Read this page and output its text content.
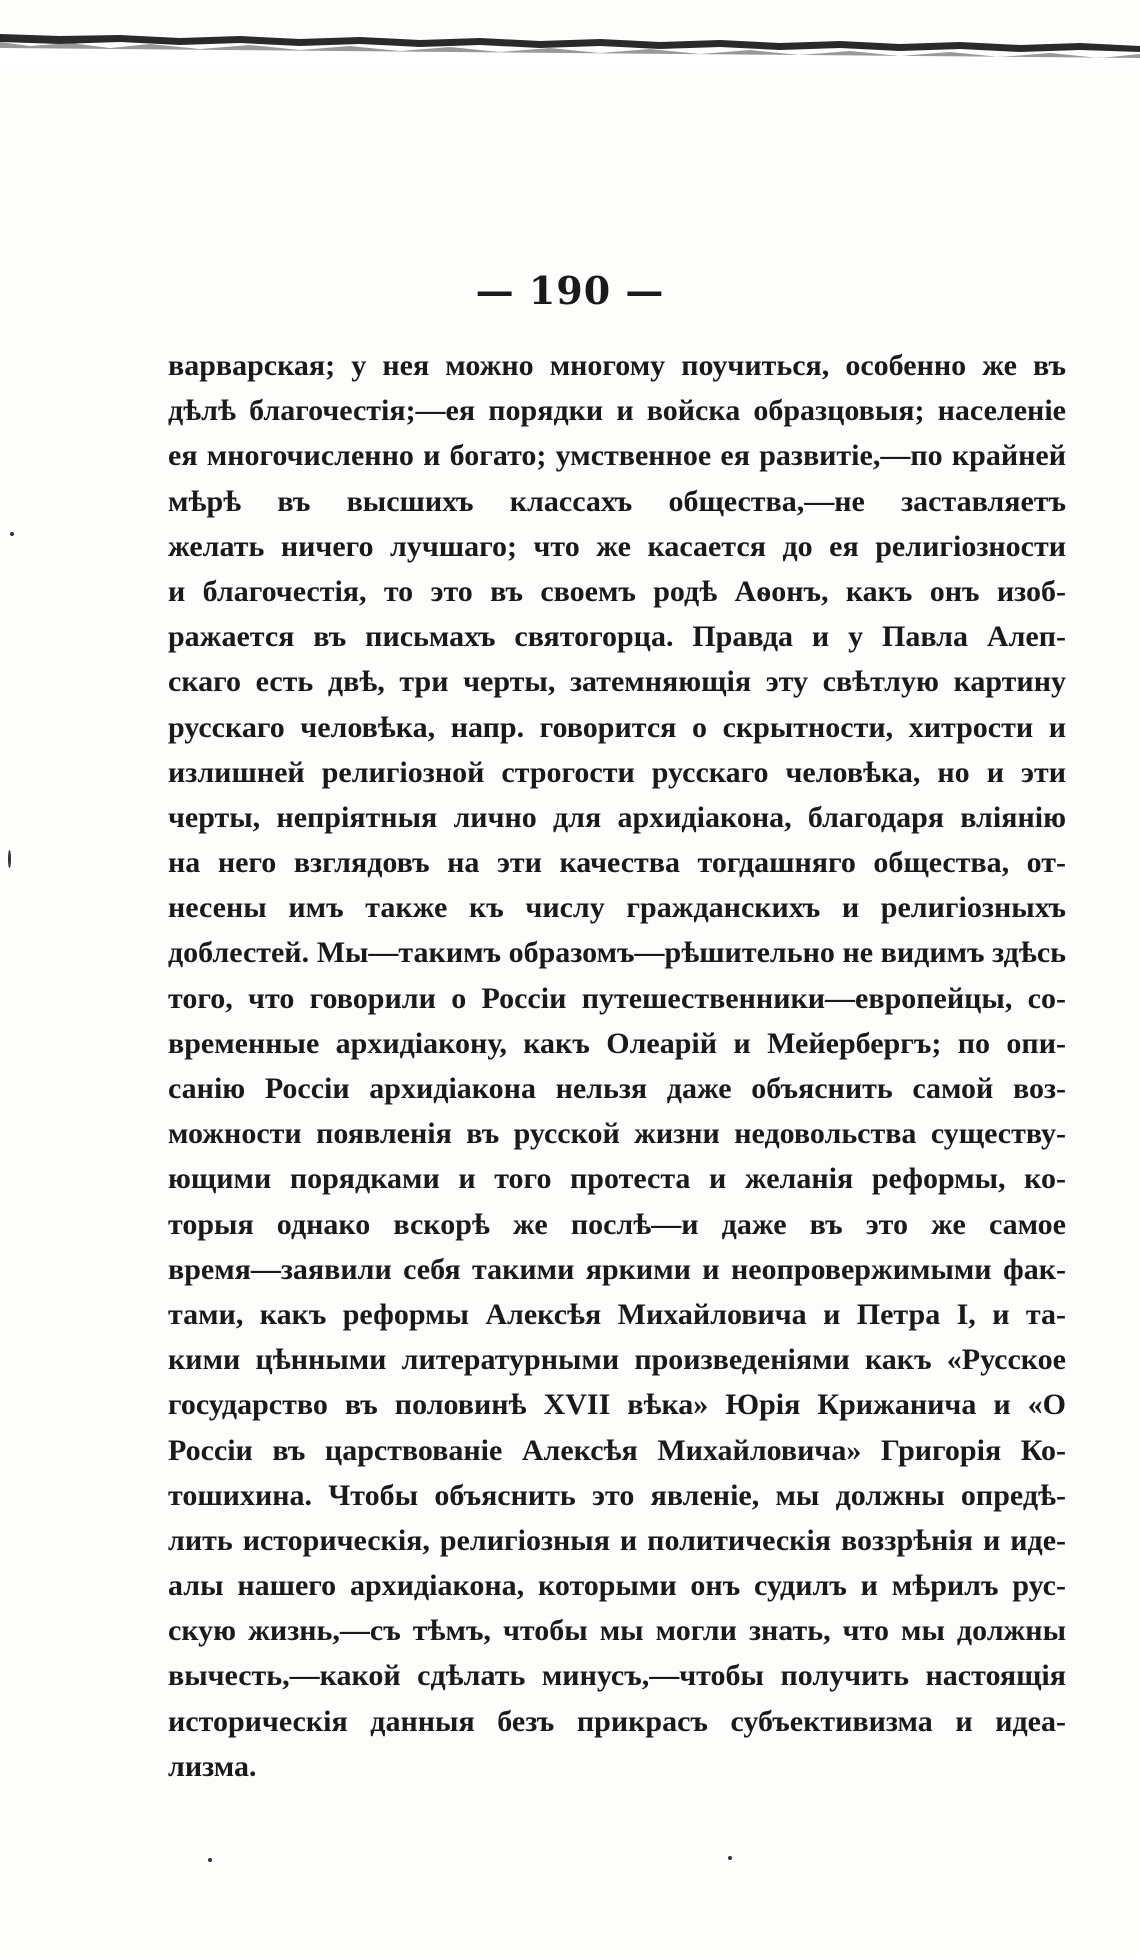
— 190 —
варварская; у нея можно многому поучиться, особенно же въ
дѣлѣ благочестія;—ея порядки и войска образцовыя; населеніе
ея многочисленно и богато; умственное ея развитіе,—по крайней
мѣрѣ въ высшихъ классахъ общества,—не заставляетъ
желать ничего лучшаго; что же касается до ея религіозности
и благочестія, то это въ своемъ родѣ Аѳонъ, какъ онъ изоб-
ражается въ письмахъ святогорца. Правда и у Павла Алеп-
скаго есть двѣ, три черты, затемняющія эту свѣтлую картину
русскаго человѣка, напр. говорится о скрытности, хитрости и
излишней религіозной строгости русскаго человѣка, но и эти
черты, непріятныя лично для архидіакона, благодаря вліянію
на него взглядовъ на эти качества тогдашняго общества, от-
несены имъ также къ числу гражданскихъ и религіозныхъ
доблестей. Мы—такимъ образомъ—рѣшительно не видимъ здѣсь
того, что говорили о Россіи путешественники—европейцы, со-
временные архидіакону, какъ Олеарій и Мейербергъ; по опи-
санію Россіи архидіакона нельзя даже объяснить самой воз-
можности появленія въ русской жизни недовольства существу-
ющими порядками и того протеста и желанія реформы, ко-
торыя однако вскорѣ же послѣ—и даже въ это же самое
время—заявили себя такими яркими и неопровержимыми фак-
тами, какъ реформы Алексѣя Михайловича и Петра I, и та-
кими цѣнными литературными произведеніями какъ «Русское
государство въ половинѣ XVII вѣка» Юрія Крижанича и «О
Россіи въ царствованіе Алексѣя Михайловича» Григорія Ко-
тошихина. Чтобы объяснить это явленіе, мы должны опредѣ-
лить историческія, религіозныя и политическія воззрѣнія и иде-
алы нашего архидіакона, которыми онъ судилъ и мѣрилъ рус-
скую жизнь,—съ тѣмъ, чтобы мы могли знать, что мы должны
вычесть,—какой сдѣлать минусъ,—чтобы получить настоящія
историческія данныя безъ прикрасъ субъективизма и идеа-
лизма.
